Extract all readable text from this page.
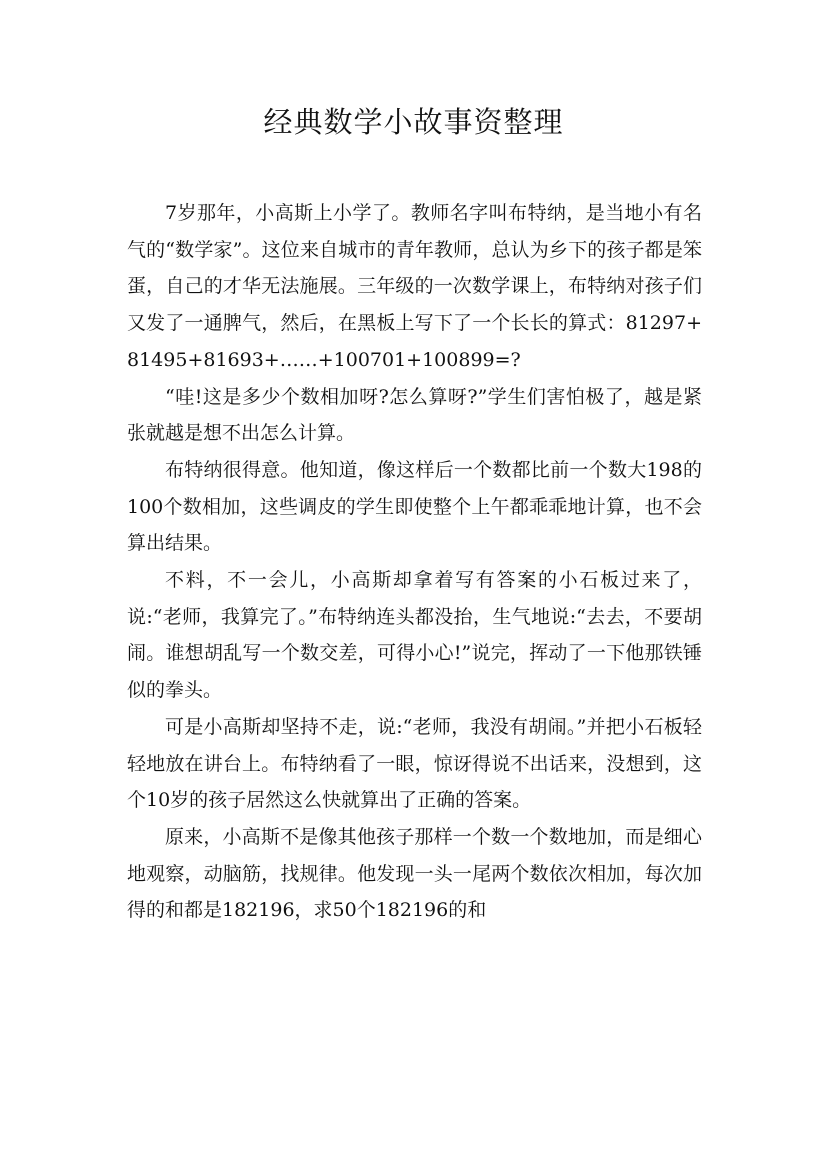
经典数学小故事资整理

7岁那年，小高斯上小学了。教师名字叫布特纳，是当地小有名气的“数学家”。这位来自城市的青年教师，总认为乡下的孩子都是笨蛋，自己的才华无法施展。三年级的一次数学课上，布特纳对孩子们又发了一通脾气，然后，在黑板上写下了一个长长的算式：81297+81495+81693+……+100701+100899=?

“哇!这是多少个数相加呀?怎么算呀?”学生们害怕极了，越是紧张就越是想不出怎么计算。

布特纳很得意。他知道，像这样后一个数都比前一个数大198的100个数相加，这些调皮的学生即使整个上午都乖乖地计算，也不会算出结果。

不料，不一会儿，小高斯却拿着写有答案的小石板过来了，说:“老师，我算完了。”布特纳连头都没抬，生气地说:“去去，不要胡闹。谁想胡乱写一个数交差，可得小心!”说完，挥动了一下他那铁锤似的拳头。

可是小高斯却坚持不走，说:“老师，我没有胡闹。”并把小石板轻轻地放在讲台上。布特纳看了一眼，惊讶得说不出话来，没想到，这个10岁的孩子居然这么快就算出了正确的答案。

原来，小高斯不是像其他孩子那样一个数一个数地加，而是细心地观察，动脑筋，找规律。他发现一头一尾两个数依次相加，每次加得的和都是182196，求50个182196的和
